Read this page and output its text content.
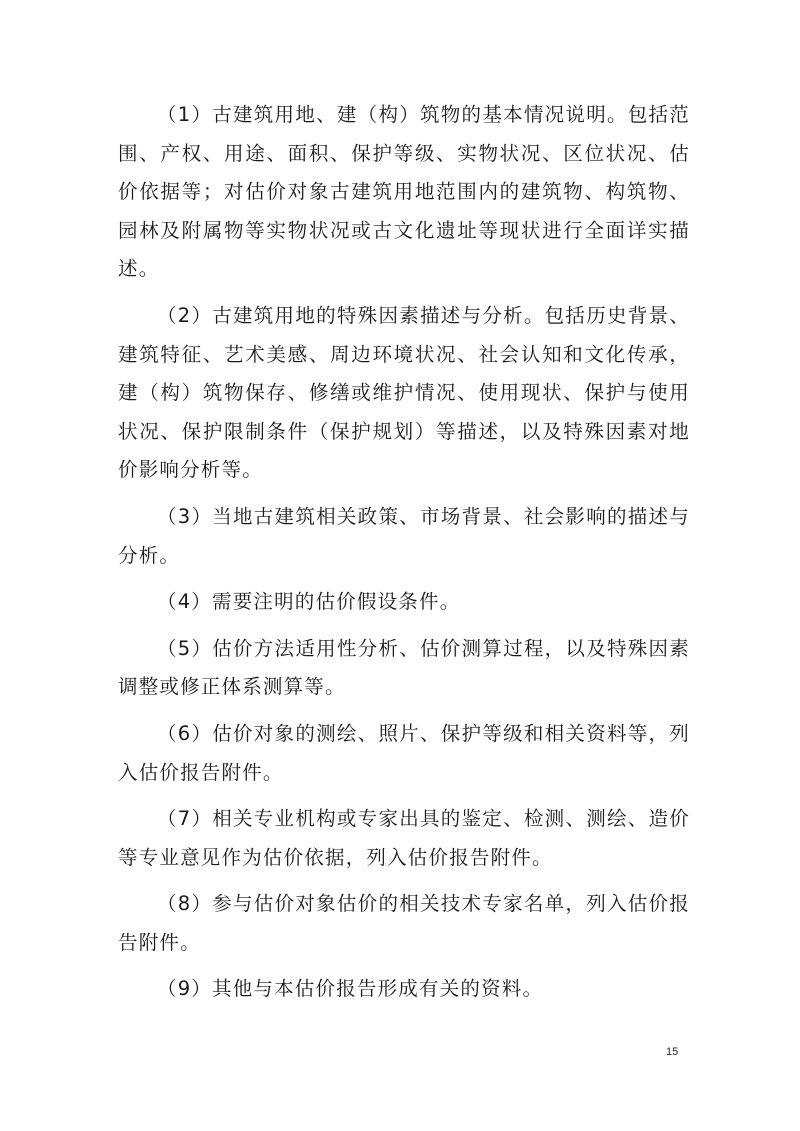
（1）古建筑用地、建（构）筑物的基本情况说明。包括范围、产权、用途、面积、保护等级、实物状况、区位状况、估价依据等；对估价对象古建筑用地范围内的建筑物、构筑物、园林及附属物等实物状况或古文化遗址等现状进行全面详实描述。

（2）古建筑用地的特殊因素描述与分析。包括历史背景、建筑特征、艺术美感、周边环境状况、社会认知和文化传承，建（构）筑物保存、修缮或维护情况、使用现状、保护与使用状况、保护限制条件（保护规划）等描述，以及特殊因素对地价影响分析等。

（3）当地古建筑相关政策、市场背景、社会影响的描述与分析。

（4）需要注明的估价假设条件。

（5）估价方法适用性分析、估价测算过程，以及特殊因素调整或修正体系测算等。

（6）估价对象的测绘、照片、保护等级和相关资料等，列入估价报告附件。

（7）相关专业机构或专家出具的鉴定、检测、测绘、造价等专业意见作为估价依据，列入估价报告附件。

（8）参与估价对象估价的相关技术专家名单，列入估价报告附件。

（9）其他与本估价报告形成有关的资料。

15
